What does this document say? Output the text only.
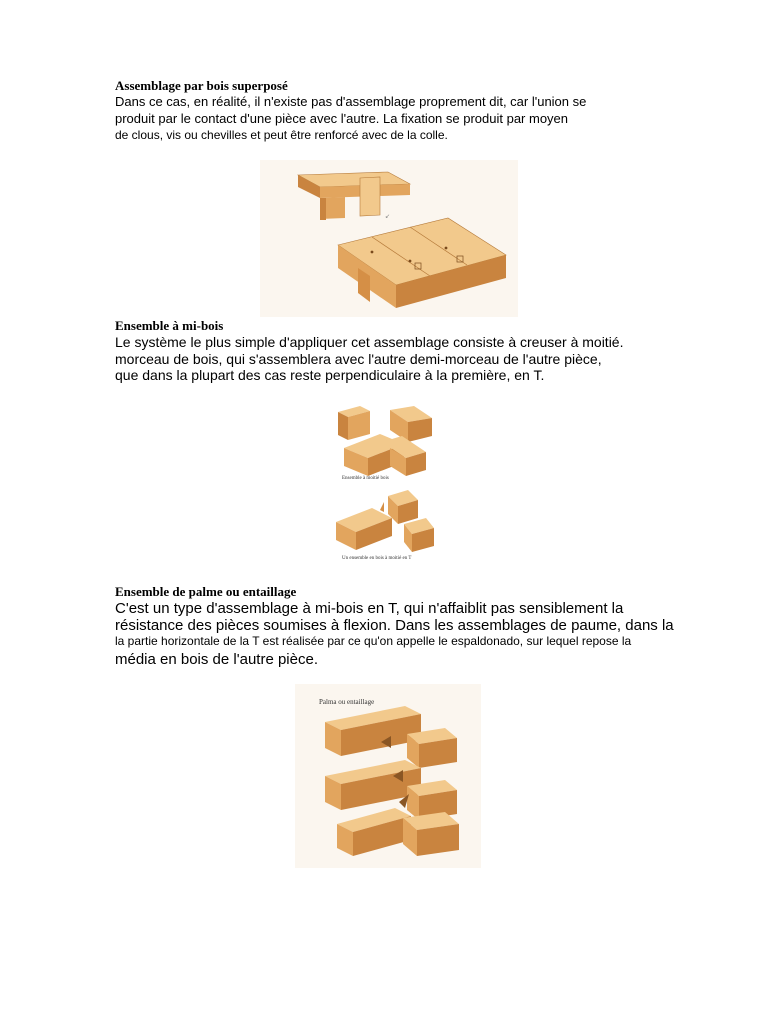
Assemblage par bois superposé

Dans ce cas, en réalité, il n'existe pas d'assemblage proprement dit, car l'union se
produit par le contact d'une pièce avec l'autre. La fixation se produit par moyen
de clous, vis ou chevilles et peut être renforcé avec de la colle.

↙
Ensemble à mi-bois

Le système le plus simple d'appliquer cet assemblage consiste à creuser à moitié.
morceau de bois, qui s'assemblera avec l'autre demi-morceau de l'autre pièce,
que dans la plupart des cas reste perpendiculaire à la première, en T.

Ensemble à moitié bois
Un ensemble en bois à moitié en T
Ensemble de palme ou entaillage

C'est un type d'assemblage à mi-bois en T, qui n'affaiblit pas sensiblement la
résistance des pièces soumises à flexion. Dans les assemblages de paume, dans la
la partie horizontale de la T est réalisée par ce qu'on appelle le espaldonado, sur lequel repose la
média en bois de l'autre pièce.

Palma ou entaillage
